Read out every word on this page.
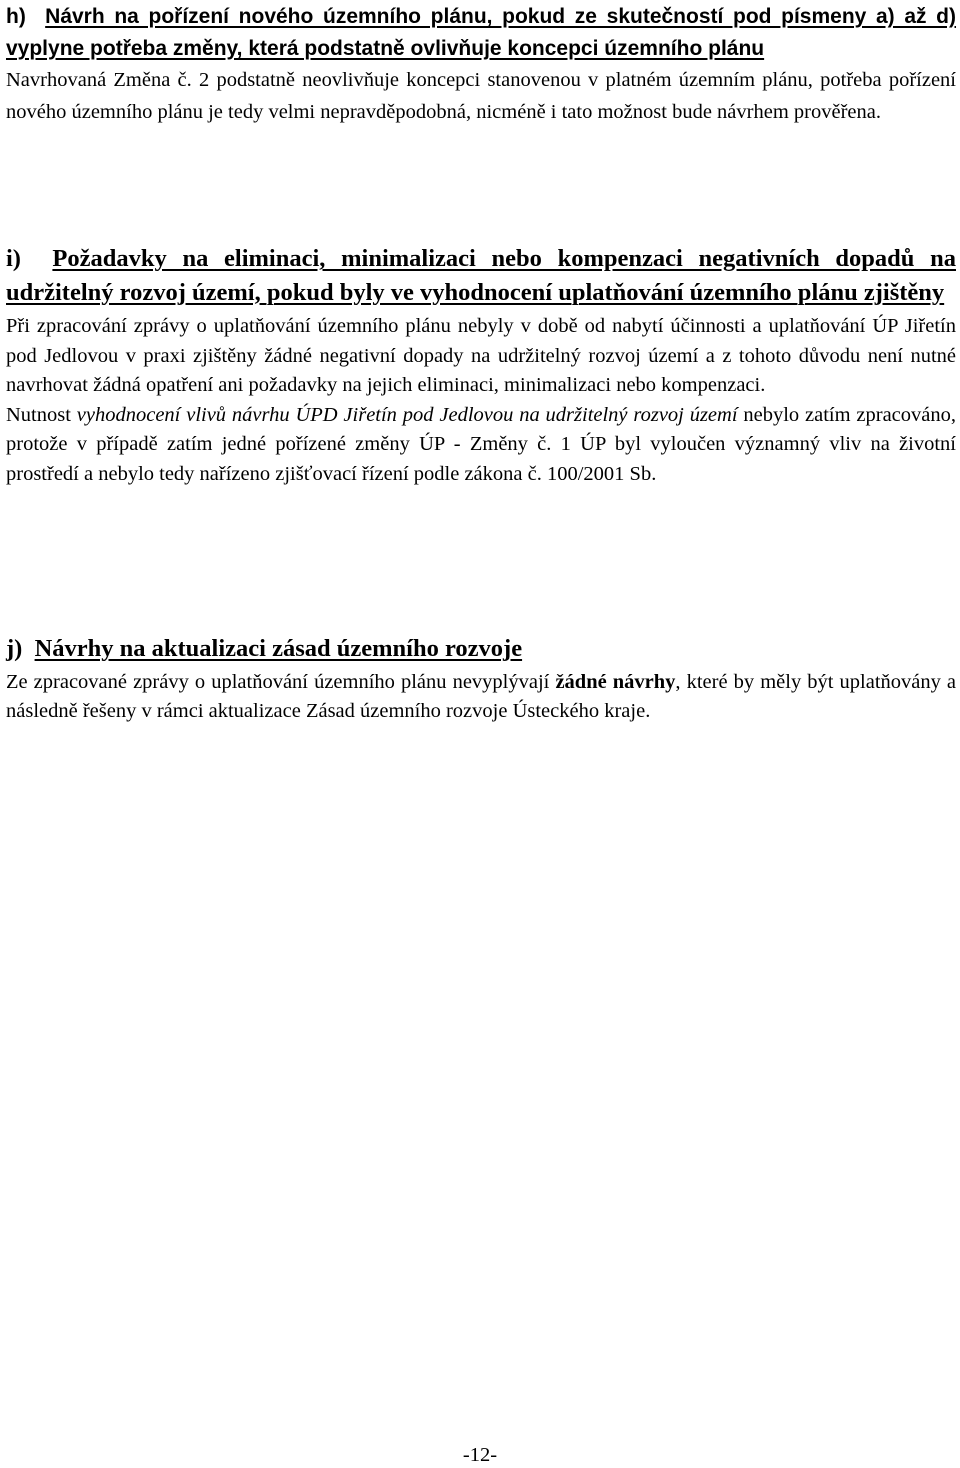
h) Návrh na pořízení nového územního plánu, pokud ze skutečností pod písmeny a) až d) vyplyne potřeba změny, která podstatně ovlivňuje koncepci územního plánu

Navrhovaná Změna č. 2 podstatně neovlivňuje koncepci stanovenou v platném územním plánu, potřeba pořízení nového územního plánu je tedy velmi nepravděpodobná, nicméně i tato možnost bude návrhem prověřena.

i) Požadavky na eliminaci, minimalizaci nebo kompenzaci negativních dopadů na udržitelný rozvoj území, pokud byly ve vyhodnocení uplatňování územního plánu zjištěny

Při zpracování zprávy o uplatňování územního plánu nebyly v době od nabytí účinnosti a uplatňování ÚP Jiřetín pod Jedlovou v praxi zjištěny žádné negativní dopady na udržitelný rozvoj území a z tohoto důvodu není nutné navrhovat žádná opatření ani požadavky na jejich eliminaci, minimalizaci nebo kompenzaci.

Nutnost vyhodnocení vlivů návrhu ÚPD Jiřetín pod Jedlovou na udržitelný rozvoj území nebylo zatím zpracováno, protože v případě zatím jedné pořízené změny ÚP - Změny č. 1 ÚP byl vyloučen významný vliv na životní prostředí a nebylo tedy nařízeno zjišťovací řízení podle zákona č. 100/2001 Sb.

j) Návrhy na aktualizaci zásad územního rozvoje

Ze zpracované zprávy o uplatňování územního plánu nevyplývají žádné návrhy, které by měly být uplatňovány a následně řešeny v rámci aktualizace Zásad územního rozvoje Ústeckého kraje.

-12-
